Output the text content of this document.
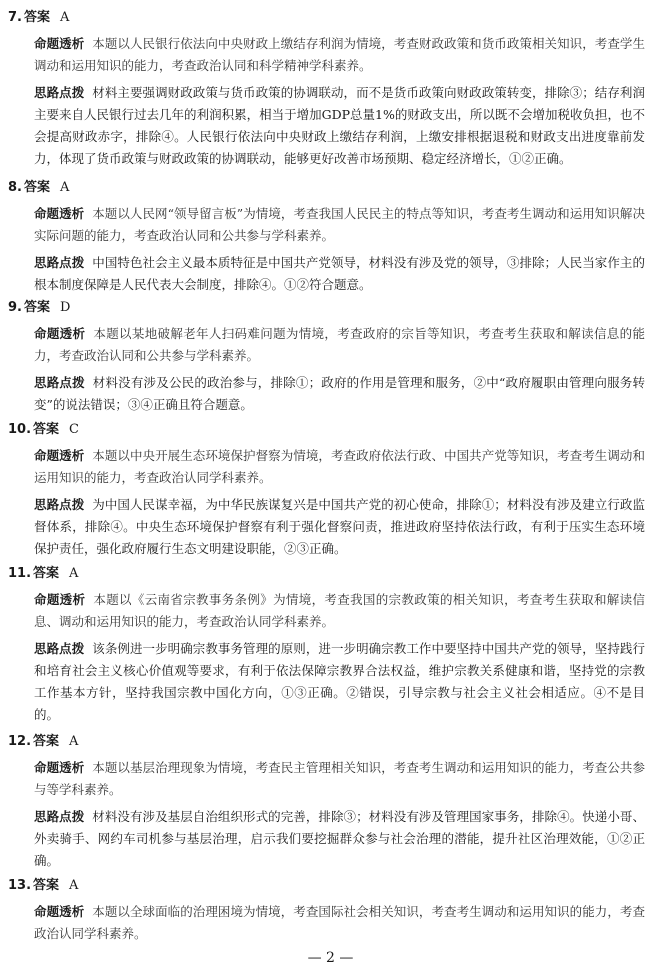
7. 答案 A
命题透析 本题以人民银行依法向中央财政上缴结存利润为情境，考查财政政策和货币政策相关知识，考查学生调动和运用知识的能力，考查政治认同和科学精神学科素养。
思路点拨 材料主要强调财政政策与货币政策的协调联动，而不是货币政策向财政政策转变，排除③；结存利润主要来自人民银行过去几年的利润积累，相当于增加GDP总量1%的财政支出，所以既不会增加税收负担，也不会提高财政赤字，排除④。人民银行依法向中央财政上缴结存利润，上缴安排根据退税和财政支出进度靠前发力，体现了货币政策与财政政策的协调联动，能够更好改善市场预期、稳定经济增长，①②正确。
8. 答案 A
命题透析 本题以人民网“领导留言板”为情境，考查我国人民民主的特点等知识，考查考生调动和运用知识解决实际问题的能力，考查政治认同和公共参与学科素养。
思路点拨 中国特色社会主义最本质特征是中国共产党领导，材料没有涉及党的领导，③排除；人民当家作主的根本制度保障是人民代表大会制度，排除④。①②符合题意。
9. 答案 D
命题透析 本题以某地破解老年人扫码难问题为情境，考查政府的宗旨等知识，考查考生获取和解读信息的能力，考查政治认同和公共参与学科素养。
思路点拨 材料没有涉及公民的政治参与，排除①；政府的作用是管理和服务，②中“政府履职由管理向服务转变”的说法错误；③④正确且符合题意。
10. 答案 C
命题透析 本题以中央开展生态环境保护督察为情境，考查政府依法行政、中国共产党等知识，考查考生调动和运用知识的能力，考查政治认同学科素养。
思路点拨 为中国人民谋幸福，为中华民族谋复兴是中国共产党的初心使命，排除①；材料没有涉及建立行政监督体系，排除④。中央生态环境保护督察有利于强化督察问责，推进政府坚持依法行政，有利于压实生态环境保护责任，强化政府履行生态文明建设职能，②③正确。
11. 答案 A
命题透析 本题以《云南省宗教事务条例》为情境，考查我国的宗教政策的相关知识，考查考生获取和解读信息、调动和运用知识的能力，考查政治认同学科素养。
思路点拨 该条例进一步明确宗教事务管理的原则，进一步明确宗教工作中要坚持中国共产党的领导，坚持践行和培育社会主义核心价值观等要求，有利于依法保障宗教界合法权益，维护宗教关系健康和谐，坚持党的宗教工作基本方针，坚持我国宗教中国化方向，①③正确。②错误，引导宗教与社会主义社会相适应。④不是目的。
12. 答案 A
命题透析 本题以基层治理现象为情境，考查民主管理相关知识，考查考生调动和运用知识的能力，考查公共参与等学科素养。
思路点拨 材料没有涉及基层自治组织形式的完善，排除③；材料没有涉及管理国家事务，排除④。快递小哥、外卖骑手、网约车司机参与基层治理，启示我们要挖掘群众参与社会治理的潜能，提升社区治理效能，①②正确。
13. 答案 A
命题透析 本题以全球面临的治理困境为情境，考查国际社会相关知识，考查考生调动和运用知识的能力，考查政治认同学科素养。
— 2 —
